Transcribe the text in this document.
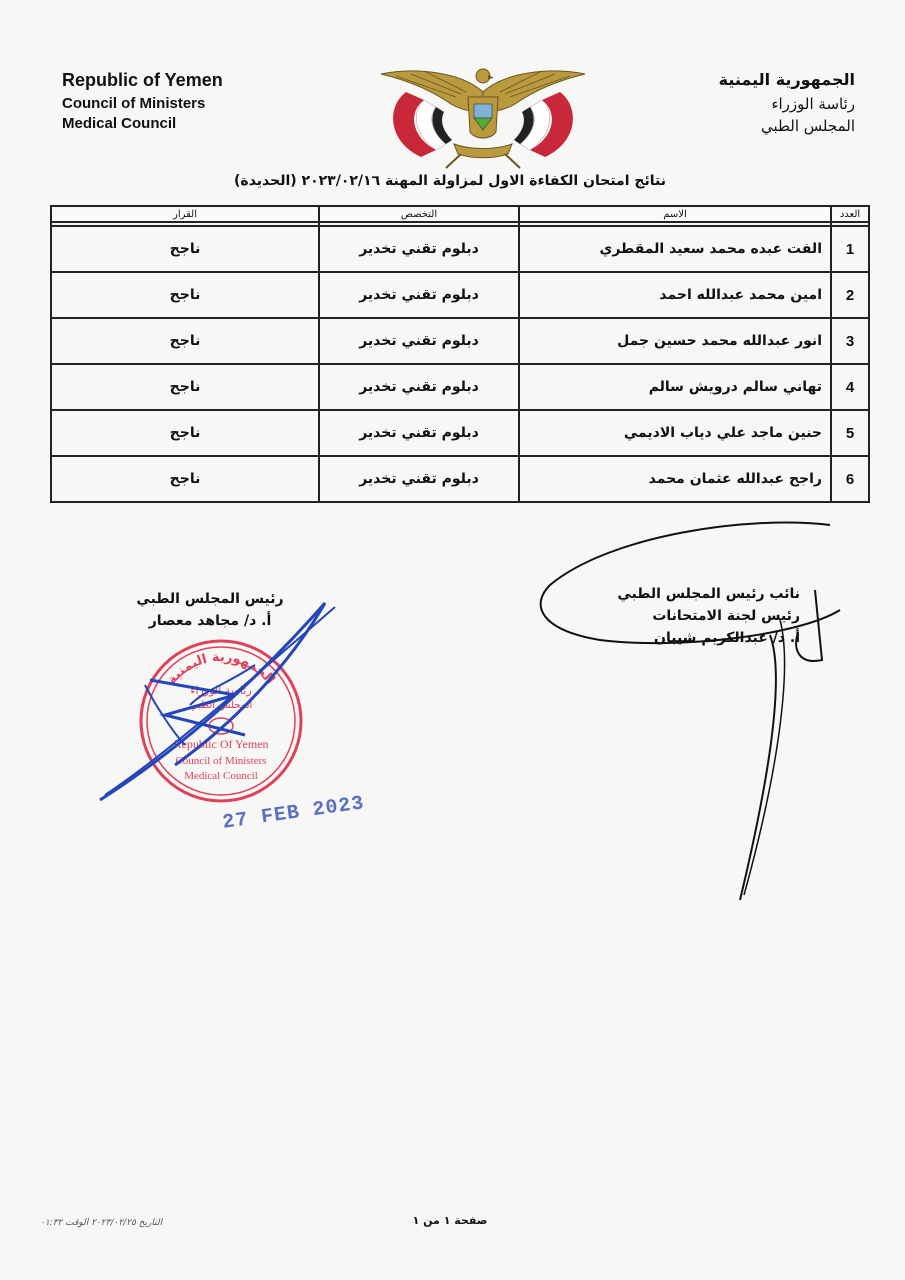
Republic of Yemen
Council of Ministers
Medical Council
الجمهورية اليمنية
رئاسة الوزراء
المجلس الطبي
نتائج امتحان الكفاءة الاول لمزاولة المهنة ٢٠٢٣/٠٢/١٦ (الحديدة)
العدد	الاسم	التخصص	القرار

1	الفت عبده محمد سعيد المقطري	دبلوم تقني تخدير	ناجح
2	امين محمد عبدالله احمد	دبلوم تقني تخدير	ناجح
3	انور عبدالله محمد حسين جمل	دبلوم تقني تخدير	ناجح
4	تهاني سالم درويش سالم	دبلوم تقني تخدير	ناجح
5	حنين ماجد علي دياب الاديمي	دبلوم تقني تخدير	ناجح
6	راجح عبدالله عثمان محمد	دبلوم تقني تخدير	ناجح
نائب رئيس المجلس الطبي
رئيس لجنة الامتحانات
أ. د/ عبدالكريم شيبان
رئيس المجلس الطبي
أ. د/ مجاهد معصار
الجمهورية اليمنية
رئاسة الوزراء
المجلس الطبي
Republic Of Yemen
Council of Ministers
Medical Council
27 FEB 2023
صفحة ١ من ١
التاريخ ٢٠٢٣/٠٢/٢٥ الوقت ٠١:٣٢
